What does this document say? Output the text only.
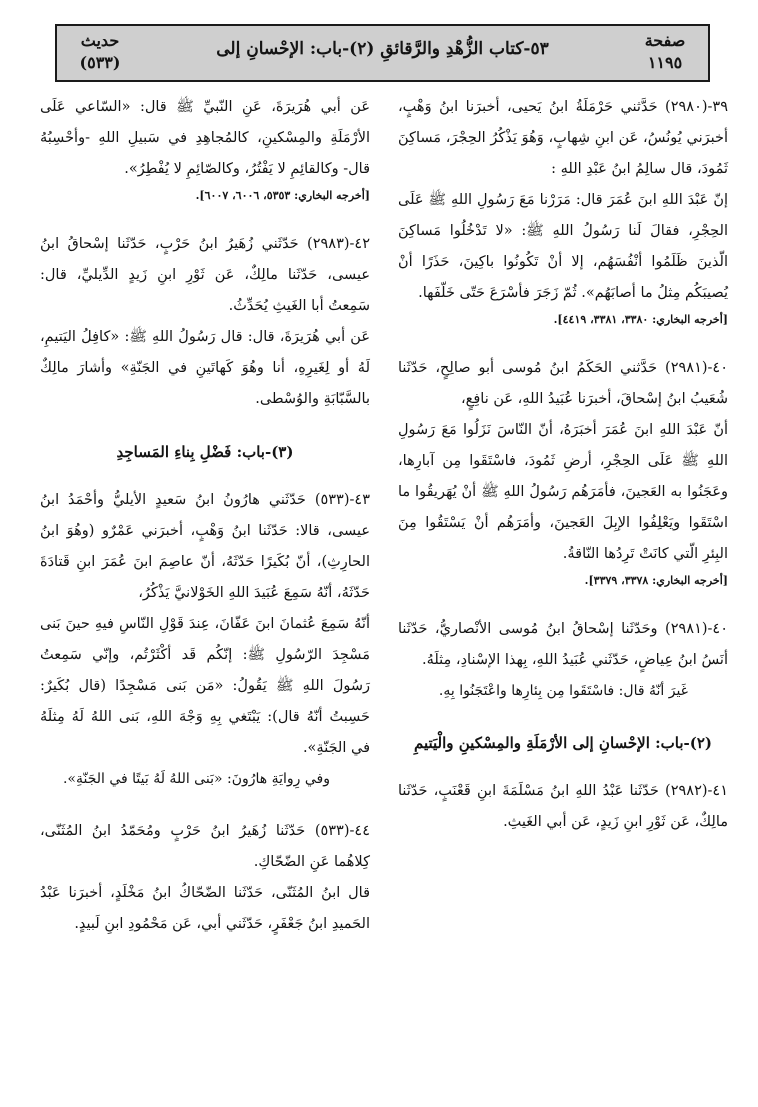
صفحة
١١٩٥
٥٣-كتاب الزُّهْدِ والرَّقائقِ (٢)-باب: الإحْسانِ إلى
حديث
(٥٣٣)

٣٩-(٢٩٨٠) حَدَّثني حَرْمَلَةُ ابنُ يَحيى، أخبرَنا ابنُ وَهْبٍ، أخبرَني يُونُسُ، عَن ابنِ شِهابٍ، وَهُوَ يَذْكُرُ الحِجْرَ، مَساكِنَ ثَمُودَ، قال سالِمُ ابنُ عَبْدِ اللهِ :

إنّ عَبْدَ اللهِ ابنَ عُمَرَ قال: مَرَرْنا مَعَ رَسُولِ اللهِ ﷺ عَلَى الحِجْرِ، فقالَ لَنا رَسُولُ اللهِ ﷺ: «لا تَدْخُلُوا مَساكِنَ الّذينَ ظَلَمُوا أنْفُسَهُم، إلا أنْ تَكُونُوا باكِينَ، حَذَرًا أنْ يُصيبَكُم مِثلُ ما أصابَهُم». ثُمّ زَجَرَ فأسْرَعَ حَتّى خَلّفَها.

[أخرجه البخاري: ٣٣٨٠، ٣٣٨١، ٤٤١٩].

٤٠-(٢٩٨١) حَدَّثني الحَكَمُ ابنُ مُوسى أبو صالِحٍ، حَدّثَنا شُعَيبُ ابنُ إسْحاقَ، أخبرَنا عُبَيدُ اللهِ، عَن نافِعٍ،

أنّ عَبْدَ اللهِ ابنَ عُمَرَ أخبَرَهُ، أنّ النّاسَ نَزَلُوا مَعَ رَسُولِ اللهِ ﷺ عَلَى الحِجْرِ، أرضِ ثَمُودَ، فاسْتَقَوا مِن آبارِها، وعَجَنُوا به العَجينَ، فأمَرَهُم رَسُولُ اللهِ ﷺ أنْ يُهَريقُوا ما اسْتَقَوا ويَعْلِفُوا الإبِلَ العَجينَ، وأمَرَهُم أنْ يَسْتَقُوا مِنَ البِئرِ الّتي كانَتْ تَرِدُها النّاقةُ.

[أخرجه البخاري: ٣٣٧٨، ٣٣٧٩].

٤٠-(٢٩٨١) وحَدّثَنا إسْحاقُ ابنُ مُوسى الأنْصاريُّ، حَدّثَنا أنَسُ ابنُ عِياضٍ، حَدّثَني عُبَيدُ اللهِ، بِهذا الإسْنادِ، مِثلَهُ.

غَيرَ أنّهُ قال: فاسْتَقَوا مِن بِئارِها واعْتَجَنُوا بِهِ.

(٢)-باب: الإحْسانِ إلى الأرْمَلَةِ والمِسْكينِ والْيَتيمِ

٤١-(٢٩٨٢) حَدّثَنا عَبْدُ اللهِ ابنُ مَسْلَمَةَ ابنِ قَعْنَبٍ، حَدّثَنا مالِكٌ، عَن ثَوْرِ ابنِ زَيدٍ، عَن أبي الغَيثِ.

عَن أبي هُرَيرَةَ، عَنِ النّبيِّ ﷺ قال: «السّاعي عَلَى الأرْمَلَةِ والمِسْكينِ، كالمُجاهِدِ في سَبيلِ اللهِ -وأحْسِبُهُ قال- وكالقائِمِ لا يَفْتُرُ، وكالصّائِمِ لا يُفْطِرُ».

[أخرجه البخاري: ٥٣٥٣، ٦٠٠٦، ٦٠٠٧].

٤٢-(٢٩٨٣) حَدّثَني زُهَيرُ ابنُ حَرْبٍ، حَدّثَنا إسْحاقُ ابنُ عيسى، حَدّثَنا مالِكٌ، عَن ثَوْرِ ابنِ زَيدٍ الدِّيليِّ، قال: سَمِعتُ أبا الغَيثِ يُحَدِّثُ.

عَن أبي هُرَيرَةَ، قال: قال رَسُولُ اللهِ ﷺ: «كافِلُ اليَتيمِ، لَهُ أو لِغَيرِهِ، أنا وهُوَ كَهاتَينِ في الجَنّةِ» وأشارَ مالِكٌ بالسَّبّابَةِ والوُسْطى.

(٣)-باب: فَضْلِ بِناءِ المَساجِدِ

٤٣-(٥٣٣) حَدّثَني هارُونُ ابنُ سَعيدٍ الأيليُّ وأحْمَدُ ابنُ عيسى، قالا: حَدّثَنا ابنُ وَهْبٍ، أخبرَني عَمْرٌو (وهُوَ ابنُ الحارِثِ)، أنّ بُكَيرًا حَدّثَهُ، أنّ عاصِمَ ابنَ عُمَرَ ابنِ قَتادَةَ حَدّثَهُ، أنّهُ سَمِعَ عُبَيدَ اللهِ الخَوْلانيَّ يَذْكُرُ،

أنّهُ سَمِعَ عُثمانَ ابنَ عَفّانَ، عِندَ قَوْلِ النّاسِ فيهِ حينَ بَنى مَسْجِدَ الرّسُولِ ﷺ: إنّكُم قَد أكْثَرْتُم، وإنّي سَمِعتُ رَسُولَ اللهِ ﷺ يَقُولُ: «مَن بَنى مَسْجِدًا (قال بُكَيرٌ: حَسِبتُ أنّهُ قال): يَبْتَغي بِهِ وَجْهَ اللهِ، بَنى اللهُ لَهُ مِثلَهُ في الجَنّةِ».

وفي رِوايَةِ هارُونَ: «بَنى اللهُ لَهُ بَيتًا في الجَنّةِ».

٤٤-(٥٣٣) حَدّثَنا زُهَيرُ ابنُ حَرْبٍ ومُحَمّدُ ابنُ المُثَنّى، كِلاهُما عَنِ الضّحّاكِ.

قال ابنُ المُثَنّى، حَدّثَنا الضّحّاكُ ابنُ مَخْلَدٍ، أخبرَنا عَبْدُ الحَميدِ ابنُ جَعْفَرٍ، حَدّثَني أبي، عَن مَحْمُودِ ابنِ لَبيدٍ.
